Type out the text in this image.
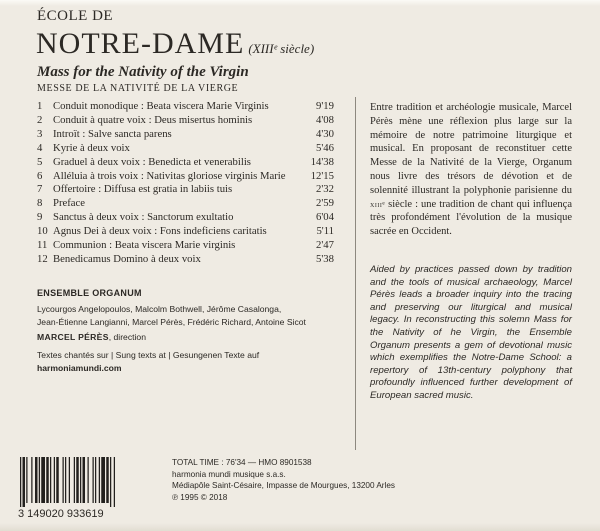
ÉCOLE DE
NOTRE-DAME (XIIIᵉ siècle)
Mass for the Nativity of the Virgin
MESSE DE LA NATIVITÉ DE LA VIERGE
1 Conduit monodique : Beata viscera Marie Virginis	9'19
2 Conduit à quatre voix : Deus misertus hominis	4'08
3 Introït : Salve sancta parens	4'30
4 Kyrie à deux voix	5'46
5 Graduel à deux voix : Benedicta et venerabilis	14'38
6 Alléluia à trois voix : Nativitas gloriose virginis Marie	12'15
7 Offertoire : Diffusa est gratia in labiis tuis	2'32
8 Preface	2'59
9 Sanctus à deux voix : Sanctorum exultatio	6'04
10 Agnus Dei à deux voix : Fons indeficiens caritatis	5'11
11 Communion : Beata viscera Marie virginis	2'47
12 Benedicamus Domino à deux voix	5'38
ENSEMBLE ORGANUM
Lycourgos Angelopoulos, Malcolm Bothwell, Jérôme Casalonga,
Jean-Étienne Langianni, Marcel Pérès, Frédéric Richard, Antoine Sicot
MARCEL PÉRÈS, direction
Textes chantés sur | Sung texts at | Gesungenen Texte auf
harmoniamundi.com
Entre tradition et archéologie musicale, Marcel Pérès mène une réflexion plus large sur la mémoire de notre patrimoine liturgique et musical. En proposant de reconstituer cette Messe de la Nativité de la Vierge, Organum nous livre des trésors de dévotion et de solennité illustrant la polyphonie parisienne du xiiiᵉ siècle : une tradition de chant qui influença très profondément l'évolution de la musique sacrée en Occident.
Aided by practices passed down by tradition and the tools of musical archaeology, Marcel Pérès leads a broader inquiry into the tracing and preserving our liturgical and musical legacy. In reconstructing this solemn Mass for the Nativity of he Virgin, the Ensemble Organum presents a gem of devotional music which exemplifies the Notre-Dame School: a repertory of 13th-century polyphony that profoundly influenced further development of European sacred music.
3 149020 933619
TOTAL TIME : 76'34 — HMO 8901538
harmonia mundi musique s.a.s.
Médiapôle Saint-Césaire, Impasse de Mourgues, 13200 Arles
℗ 1995 © 2018
